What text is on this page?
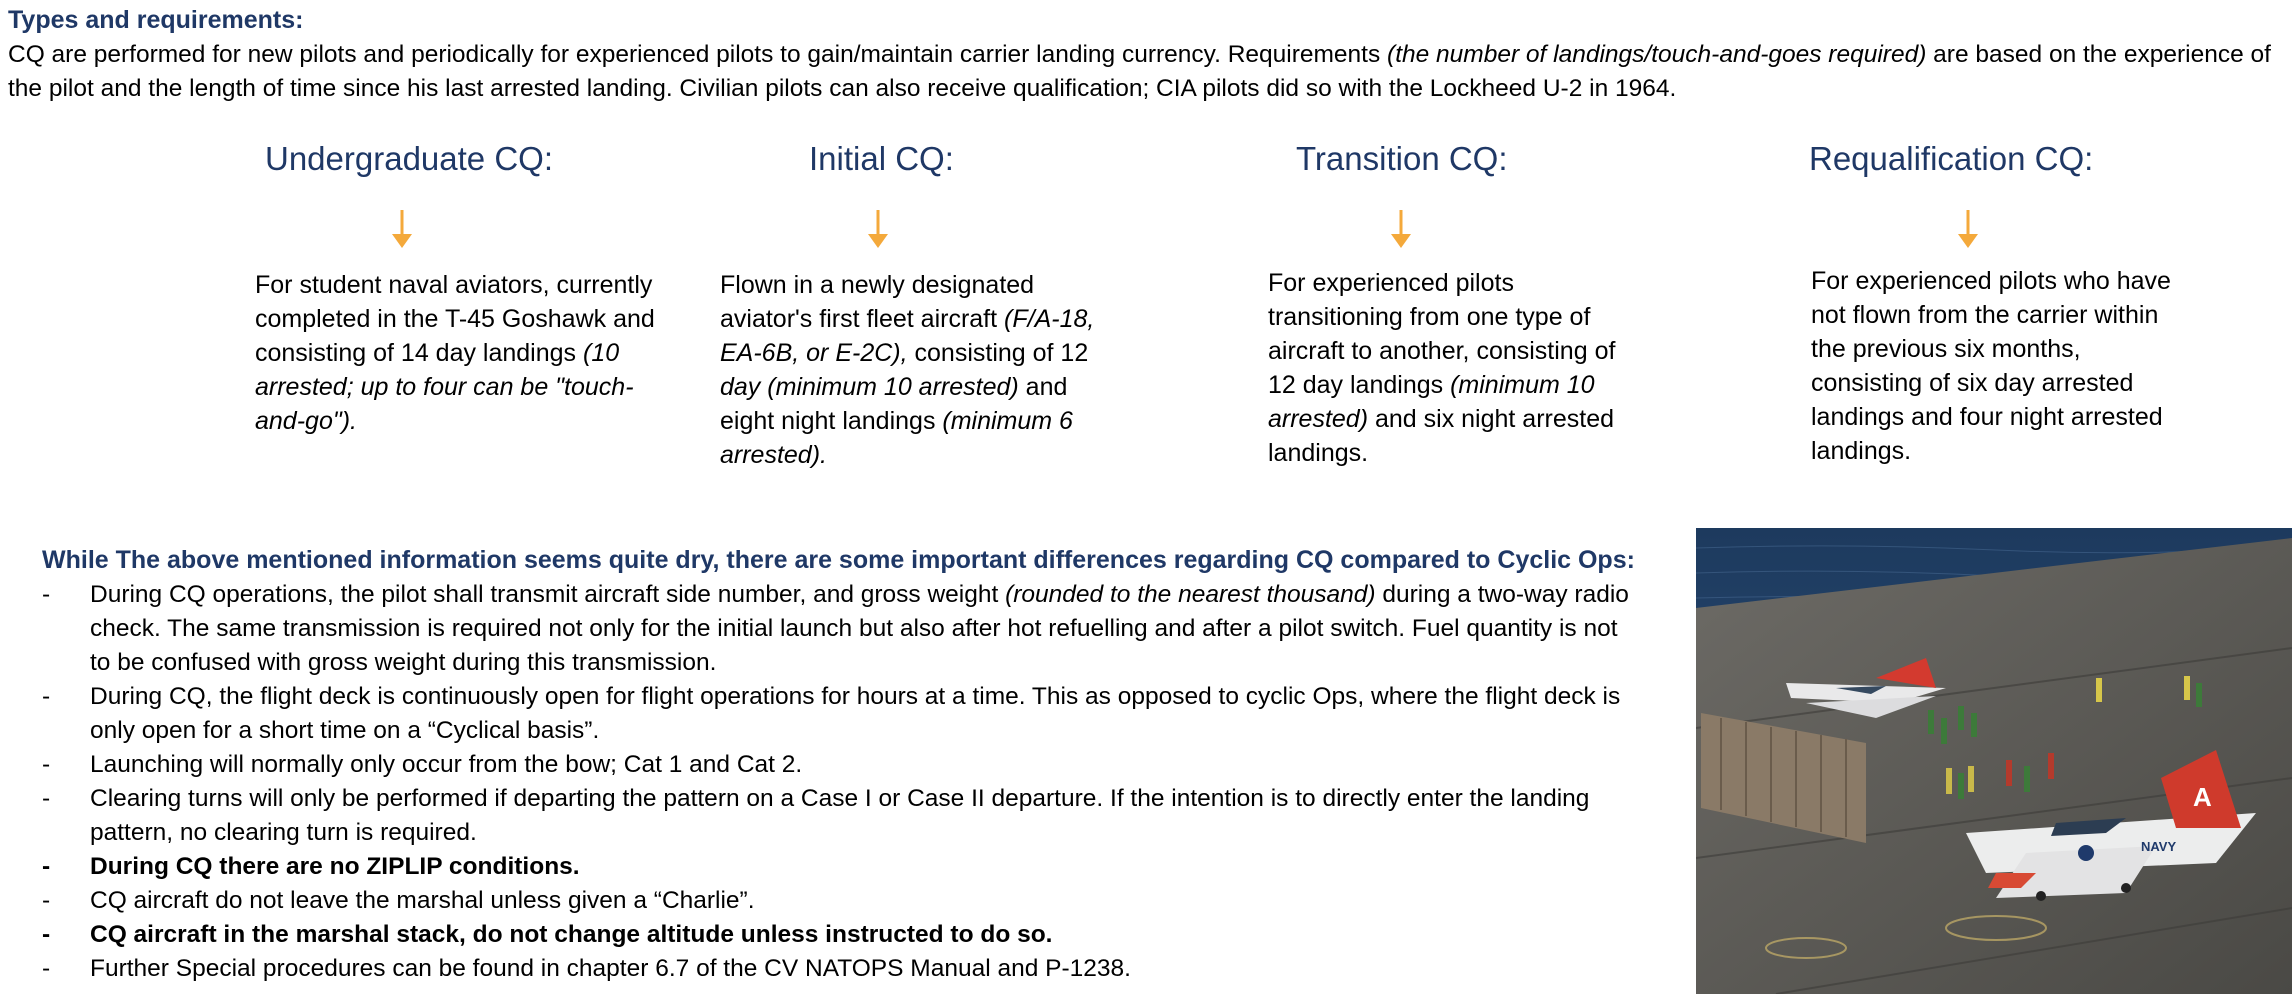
Types and requirements:
CQ are performed for new pilots and periodically for experienced pilots to gain/maintain carrier landing currency. Requirements (the number of landings/touch-and-goes required) are based on the experience of the pilot and the length of time since his last arrested landing. Civilian pilots can also receive qualification; CIA pilots did so with the Lockheed U-2 in 1964.
Undergraduate CQ:	Initial CQ:	Transition CQ:	Requalification CQ:
For student naval aviators, currently completed in the T-45 Goshawk and consisting of 14 day landings (10 arrested; up to four can be "touch-and-go").
Flown in a newly designated aviator's first fleet aircraft (F/A-18, EA-6B, or E-2C), consisting of 12 day (minimum 10 arrested) and eight night landings (minimum 6 arrested).
For experienced pilots transitioning from one type of aircraft to another, consisting of 12 day landings (minimum 10 arrested) and six night arrested landings.
For experienced pilots who have not flown from the carrier within the previous six months, consisting of six day arrested landings and four night arrested landings.
While The above mentioned information seems quite dry, there are some important differences regarding CQ compared to Cyclic Ops:
- During CQ operations, the pilot shall transmit aircraft side number, and gross weight (rounded to the nearest thousand) during a two-way radio check. The same transmission is required not only for the initial launch but also after hot refuelling and after a pilot switch. Fuel quantity is not to be confused with gross weight during this transmission.
- During CQ, the flight deck is continuously open for flight operations for hours at a time. This as opposed to cyclic Ops, where the flight deck is only open for a short time on a “Cyclical basis”.
- Launching will normally only occur from the bow; Cat 1 and Cat 2.
- Clearing turns will only be performed if departing the pattern on a Case I or Case II departure. If the intention is to directly enter the landing pattern, no clearing turn is required.
- During CQ there are no ZIPLIP conditions.
- CQ aircraft do not leave the marshal unless given a “Charlie”.
- CQ aircraft in the marshal stack, do not change altitude unless instructed to do so.
- Further Special procedures can be found in chapter 6.7 of the CV NATOPS Manual and P-1238.
A
NAVY
